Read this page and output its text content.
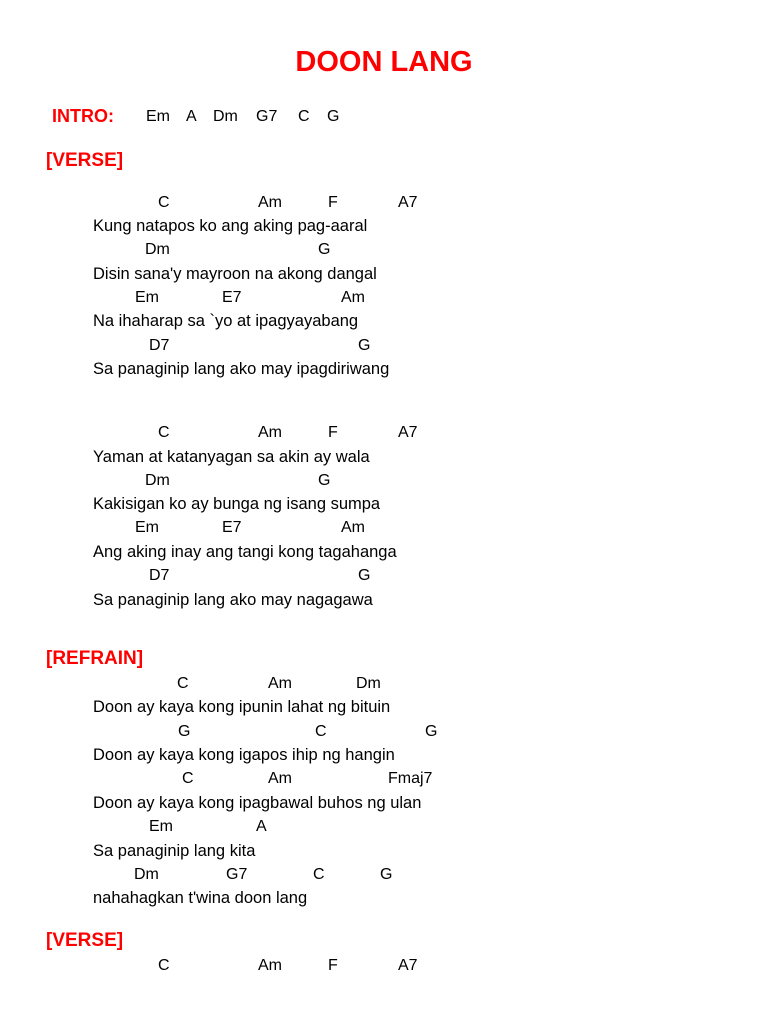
DOON LANG
INTRO: Em A Dm G7 C G
[VERSE]
C	Am	F	A7
Kung natapos ko ang aking pag-aaral
Dm	G
Disin sana'y mayroon na akong dangal
Em	E7	Am
Na ihaharap sa `yo at ipagyayabang
D7	G
Sa panaginip lang ako may ipagdiriwang
C	Am	F	A7
Yaman at katanyagan sa akin ay wala
Dm	G
Kakisigan ko ay bunga ng isang sumpa
Em	E7	Am
Ang aking inay ang tangi kong tagahanga
D7	G
Sa panaginip lang ako may nagagawa
[REFRAIN]
C	Am	Dm
Doon ay kaya kong ipunin lahat ng bituin
G	C	G
Doon ay kaya kong igapos ihip ng hangin
C	Am	Fmaj7
Doon ay kaya kong ipagbawal buhos ng ulan
Em	A
Sa panaginip lang kita
Dm	G7	C	G
nahahagkan t'wina doon lang
[VERSE]
C	Am	F	A7
